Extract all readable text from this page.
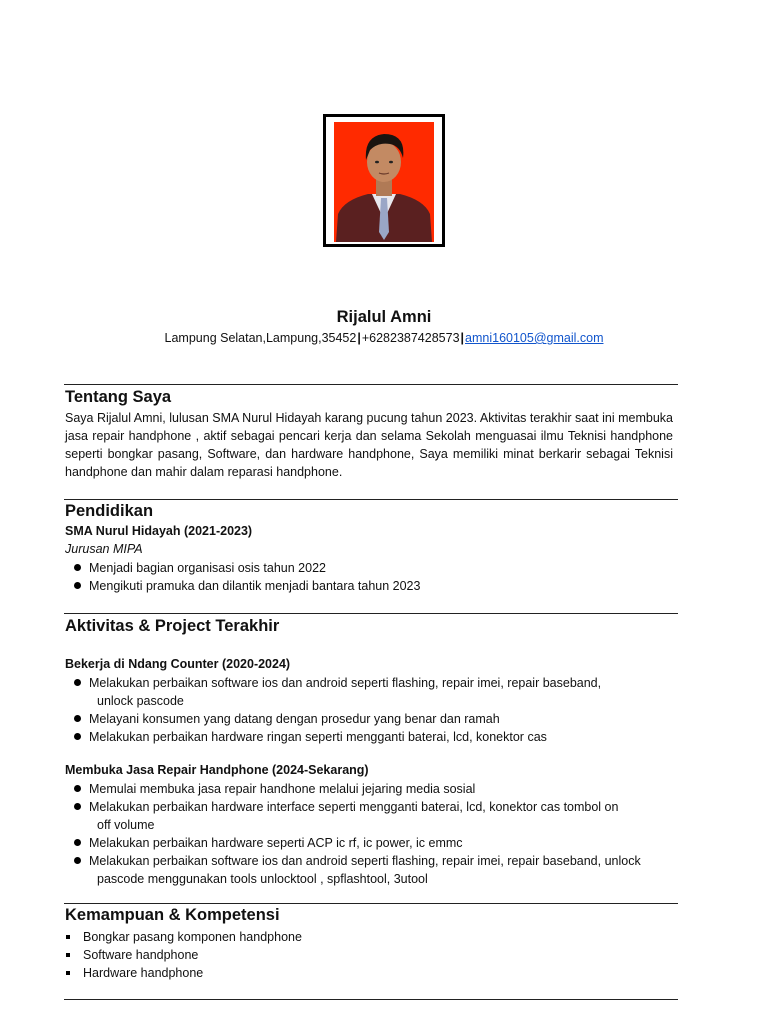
Rijalul Amni
Lampung Selatan,Lampung,35452|+6282387428573|amni160105@gmail.com
Tentang Saya
Saya Rijalul Amni, lulusan SMA Nurul Hidayah karang pucung tahun 2023. Aktivitas terakhir saat ini membuka jasa repair handphone , aktif sebagai pencari kerja dan selama Sekolah menguasai ilmu Teknisi handphone seperti bongkar pasang, Software, dan hardware handphone, Saya memiliki minat berkarir sebagai Teknisi handphone dan mahir dalam reparasi handphone.
Pendidikan
SMA Nurul Hidayah (2021-2023)
Jurusan MIPA
Menjadi bagian organisasi osis tahun 2022
Mengikuti pramuka dan dilantik menjadi bantara tahun 2023
Aktivitas & Project Terakhir
Bekerja di Ndang Counter (2020-2024)
Melakukan perbaikan software ios dan android seperti flashing, repair imei, repair baseband,
unlock pascode
Melayani konsumen yang datang dengan prosedur yang benar dan ramah
Melakukan perbaikan hardware ringan seperti mengganti baterai, lcd, konektor cas
Membuka Jasa Repair Handphone (2024-Sekarang)
Memulai membuka jasa repair handhone melalui jejaring media sosial
Melakukan perbaikan hardware interface seperti mengganti baterai, lcd, konektor cas tombol on
off volume
Melakukan perbaikan hardware seperti ACP ic rf, ic power, ic emmc
Melakukan perbaikan software ios dan android seperti flashing, repair imei, repair baseband, unlock
pascode menggunakan tools unlocktool , spflashtool, 3utool
Kemampuan & Kompetensi
Bongkar pasang komponen handphone
Software handphone
Hardware handphone
